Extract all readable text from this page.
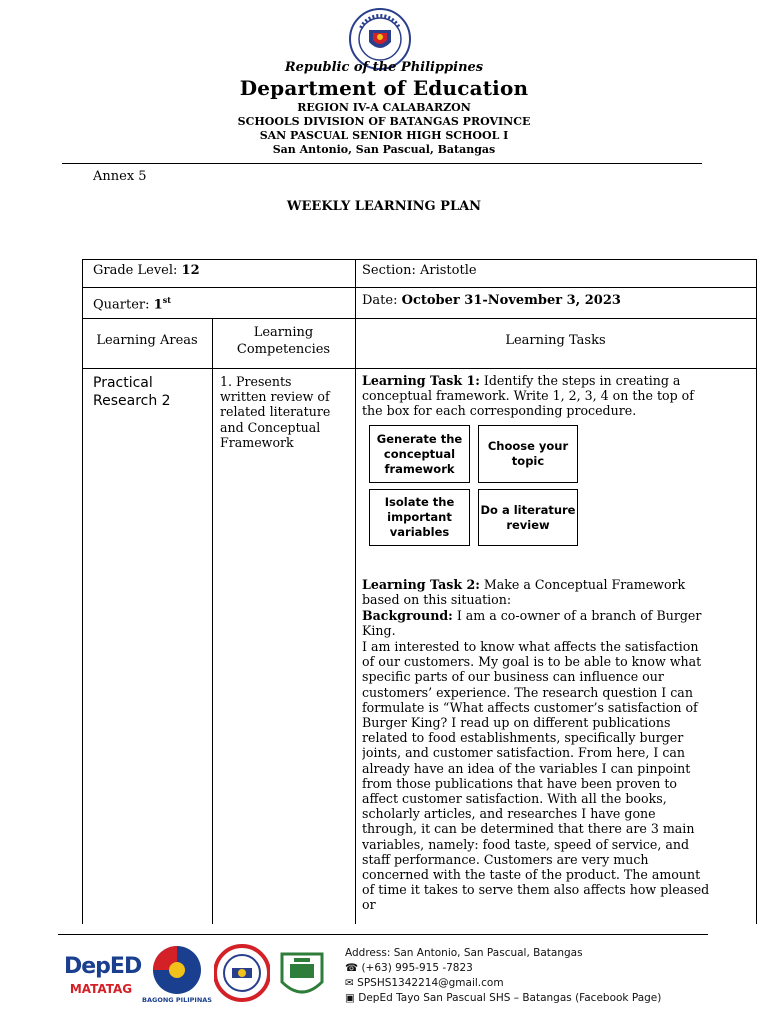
Republic of the Philippines
Department of Education
REGION IV-A CALABARZON
SCHOOLS DIVISION OF BATANGAS PROVINCE
SAN PASCUAL SENIOR HIGH SCHOOL I
San Antonio, San Pascual, Batangas
Annex 5
WEEKLY LEARNING PLAN
Grade Level: 12	Section: Aristotle
Quarter: 1st	Date: October 31-November 3, 2023
Learning Areas
Learning
Competencies
Learning Tasks
Practical
Research 2
1. Presents
written review of
related literature
and Conceptual
Framework
Learning Task 1: Identify the steps in creating a conceptual framework. Write 1, 2, 3, 4 on the top of the box for each corresponding procedure.
Generate the conceptual framework
Choose your topic
Isolate the important variables
Do a literature review
Learning Task 2: Make a Conceptual Framework based on this situation:
Background: I am a co-owner of a branch of Burger King.
I am interested to know what affects the satisfaction of our customers. My goal is to be able to know what specific parts of our business can influence our customers’ experience. The research question I can formulate is “What affects customer’s satisfaction of Burger King? I read up on different publications related to food establishments, specifically burger joints, and customer satisfaction. From here, I can already have an idea of the variables I can pinpoint from those publications that have been proven to affect customer satisfaction. With all the books, scholarly articles, and researches I have gone through, it can be determined that there are 3 main variables, namely: food taste, speed of service, and staff performance. Customers are very much concerned with the taste of the product. The amount of time it takes to serve them also affects how pleased or
DepED
MATATAG
BAGONG PILIPINAS
Address: San Antonio, San Pascual, Batangas
☎ (+63) 995-915 -7823
✉ SPSHS1342214@gmail.com
▣ DepEd Tayo San Pascual SHS – Batangas (Facebook Page)
